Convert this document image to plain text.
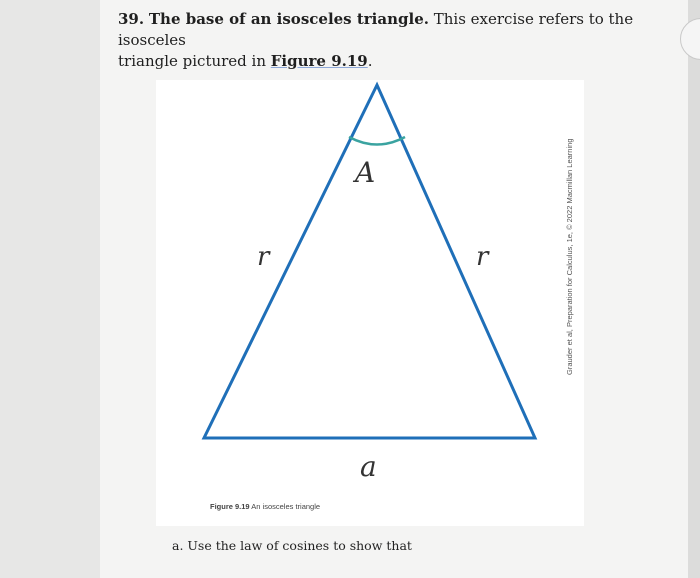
39. The base of an isosceles triangle. This exercise refers to the isosceles
triangle pictured in Figure 9.19.
A
r	r
a
Grauder et al, Preparation for Calculus, 1e, © 2022 Macmillan Learning
Figure 9.19 An isosceles triangle
a. Use the law of cosines to show that
